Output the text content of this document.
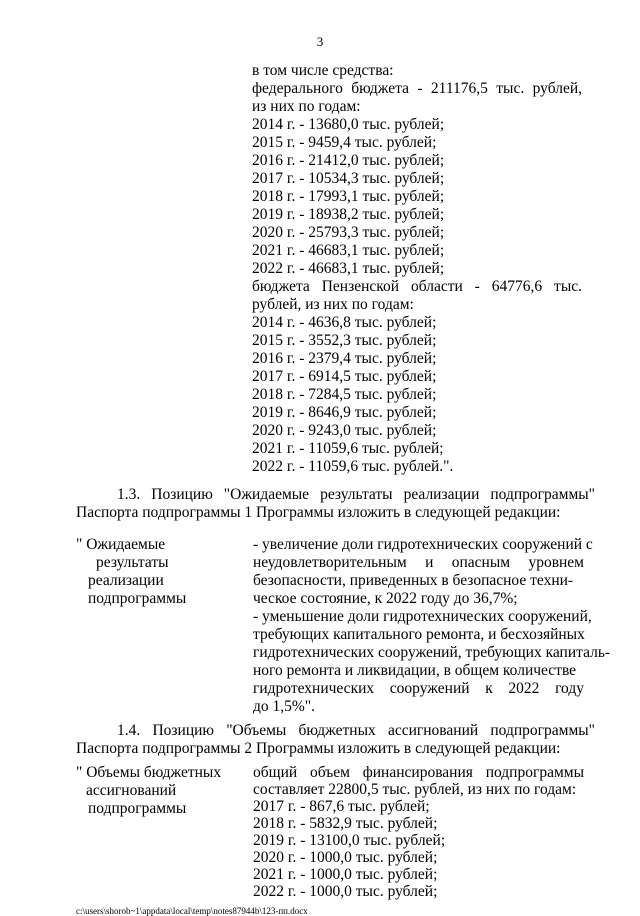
3
в том числе средства:
федерального бюджета - 211176,5 тыс. рублей,
из них по годам:
2014 г. - 13680,0 тыс. рублей;
2015 г. - 9459,4 тыс. рублей;
2016 г. - 21412,0 тыс. рублей;
2017 г. - 10534,3 тыс. рублей;
2018 г. - 17993,1 тыс. рублей;
2019 г. - 18938,2 тыс. рублей;
2020 г. - 25793,3 тыс. рублей;
2021 г. - 46683,1 тыс. рублей;
2022 г. - 46683,1 тыс. рублей;
бюджета Пензенской области - 64776,6 тыс.
рублей, из них по годам:
2014 г. - 4636,8 тыс. рублей;
2015 г. - 3552,3 тыс. рублей;
2016 г. - 2379,4 тыс. рублей;
2017 г. - 6914,5 тыс. рублей;
2018 г. - 7284,5 тыс. рублей;
2019 г. - 8646,9 тыс. рублей;
2020 г. - 9243,0 тыс. рублей;
2021 г. - 11059,6 тыс. рублей;
2022 г. - 11059,6 тыс. рублей.".
1.3. Позицию "Ожидаемые результаты реализации подпрограммы"
Паспорта подпрограммы 1 Программы изложить в следующей редакции:
" Ожидаемые
результаты
реализации
подпрограммы
- увеличение доли гидротехнических сооружений с
неудовлетворительным и опасным уровнем
безопасности, приведенных в безопасное техни-
ческое состояние, к 2022 году до 36,7%;
- уменьшение доли гидротехнических сооружений,
требующих капитального ремонта, и бесхозяйных
гидротехнических сооружений, требующих капиталь-
ного ремонта и ликвидации, в общем количестве
гидротехнических сооружений к 2022 году
до 1,5%".
1.4. Позицию "Объемы бюджетных ассигнований подпрограммы"
Паспорта подпрограммы 2 Программы изложить в следующей редакции:
" Объемы бюджетных
ассигнований
подпрограммы
общий объем финансирования подпрограммы
составляет 22800,5 тыс. рублей, из них по годам:
2017 г. - 867,6 тыс. рублей;
2018 г. - 5832,9 тыс. рублей;
2019 г. - 13100,0 тыс. рублей;
2020 г. - 1000,0 тыс. рублей;
2021 г. - 1000,0 тыс. рублей;
c:\users\shorob~1\appdata\local\temp\notes87944b\123-пп.docx
2022 г. - 1000,0 тыс. рублей;
